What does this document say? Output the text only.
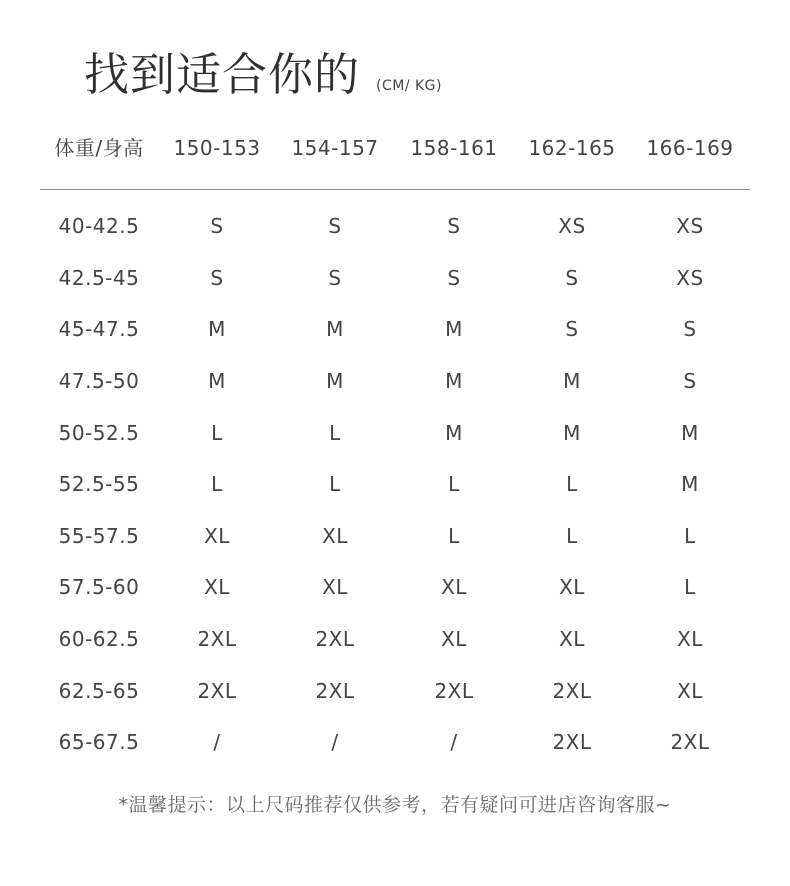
找到适合你的 (CM/ KG)
体重/身高	150-153	154-157	158-161	162-165	166-169
40-42.5	S	S	S	XS	XS
42.5-45	S	S	S	S	XS
45-47.5	M	M	M	S	S
47.5-50	M	M	M	M	S
50-52.5	L	L	M	M	M
52.5-55	L	L	L	L	M
55-57.5	XL	XL	L	L	L
57.5-60	XL	XL	XL	XL	L
60-62.5	2XL	2XL	XL	XL	XL
62.5-65	2XL	2XL	2XL	2XL	XL
65-67.5	/	/	/	2XL	2XL
*温馨提示：以上尺码推荐仅供参考，若有疑问可进店咨询客服~
